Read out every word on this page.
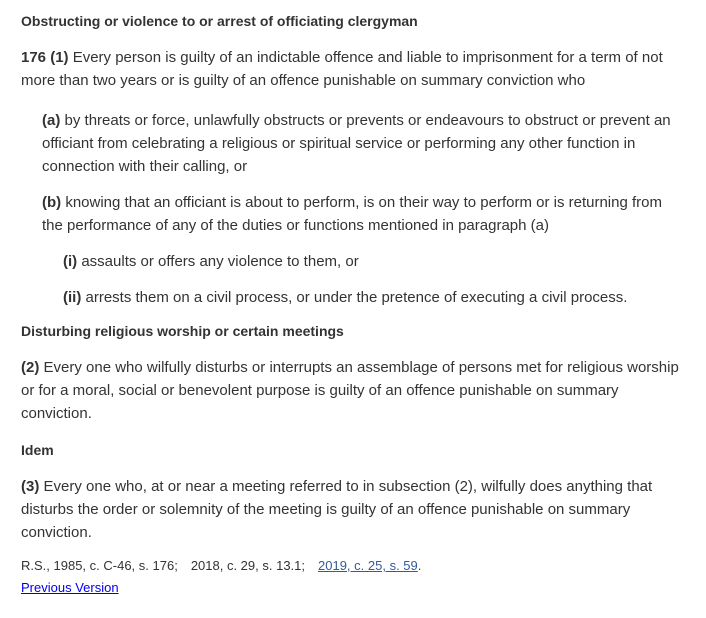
Obstructing or violence to or arrest of officiating clergyman

176 (1) Every person is guilty of an indictable offence and liable to imprisonment for a term of not more than two years or is guilty of an offence punishable on summary conviction who

(a) by threats or force, unlawfully obstructs or prevents or endeavours to obstruct or prevent an officiant from celebrating a religious or spiritual service or performing any other function in connection with their calling, or

(b) knowing that an officiant is about to perform, is on their way to perform or is returning from the performance of any of the duties or functions mentioned in paragraph (a)

(i) assaults or offers any violence to them, or

(ii) arrests them on a civil process, or under the pretence of executing a civil process.

Disturbing religious worship or certain meetings

(2) Every one who wilfully disturbs or interrupts an assemblage of persons met for religious worship or for a moral, social or benevolent purpose is guilty of an offence punishable on summary conviction.

Idem

(3) Every one who, at or near a meeting referred to in subsection (2), wilfully does anything that disturbs the order or solemnity of the meeting is guilty of an offence punishable on summary conviction.

R.S., 1985, c. C-46, s. 176; 2018, c. 29, s. 13.1; 2019, c. 25, s. 59.

Previous Version
